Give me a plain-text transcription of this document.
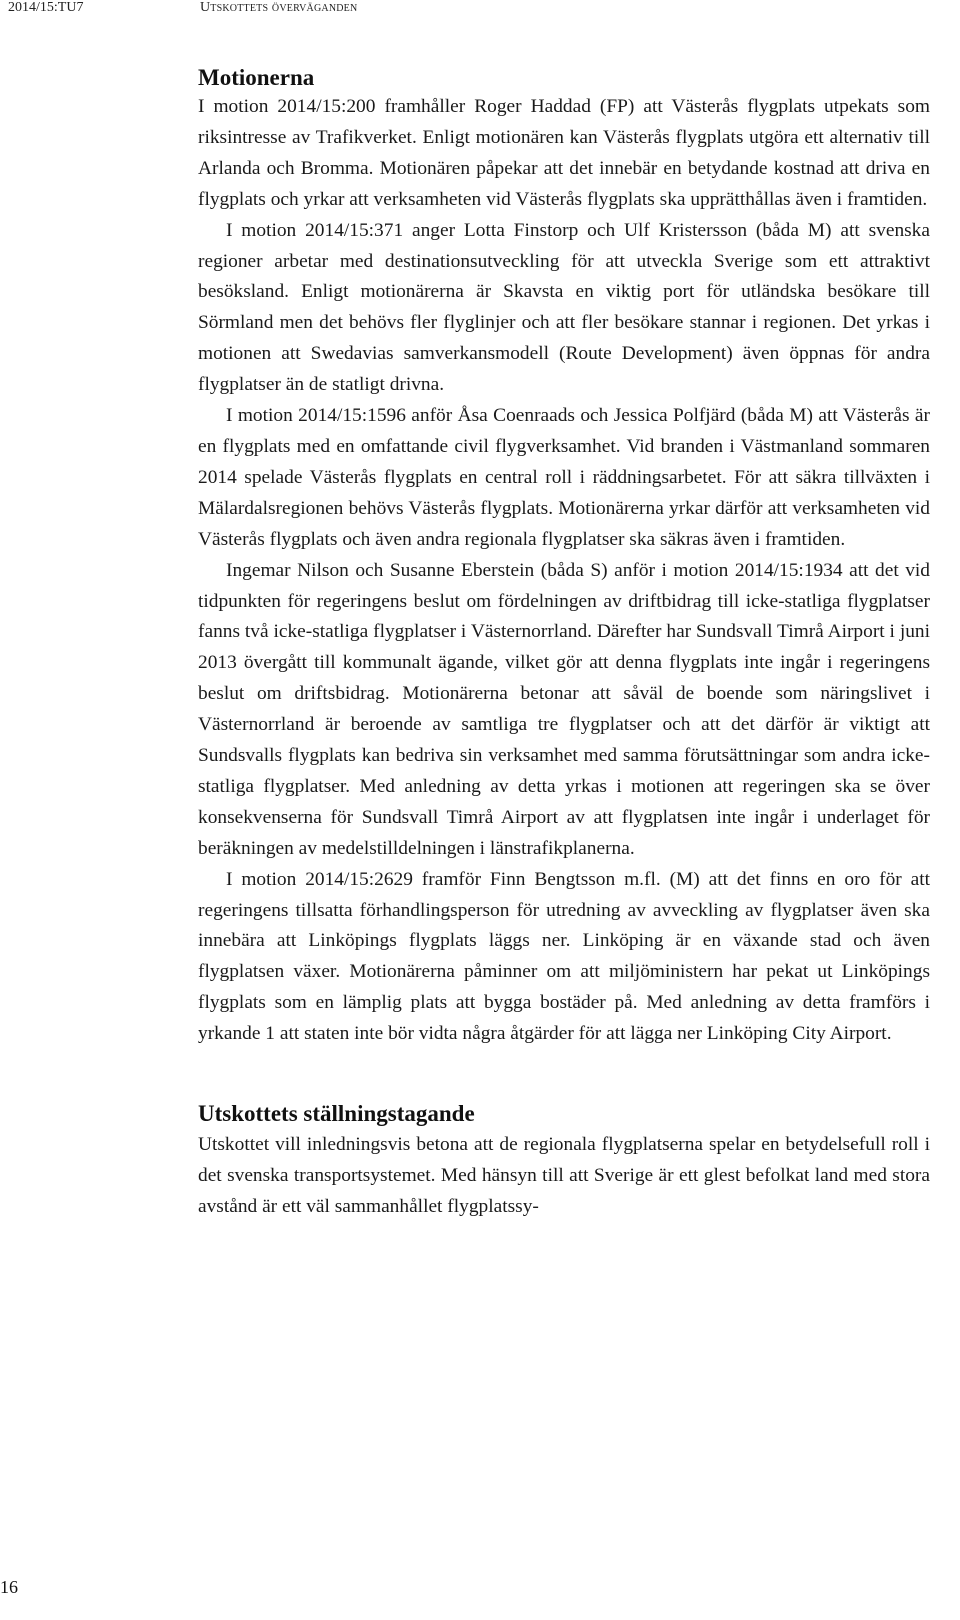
2014/15:TU7	Utskottets överväganden
Motionerna

I motion 2014/15:200 framhåller Roger Haddad (FP) att Västerås flygplats utpekats som riksintresse av Trafikverket. Enligt motionären kan Västerås flygplats utgöra ett alternativ till Arlanda och Bromma. Motionären påpekar att det innebär en betydande kostnad att driva en flygplats och yrkar att verksamheten vid Västerås flygplats ska upprätthållas även i framtiden.

I motion 2014/15:371 anger Lotta Finstorp och Ulf Kristersson (båda M) att svenska regioner arbetar med destinationsutveckling för att utveckla Sverige som ett attraktivt besöksland. Enligt motionärerna är Skavsta en viktig port för utländska besökare till Sörmland men det behövs fler flyglinjer och att fler besökare stannar i regionen. Det yrkas i motionen att Swedavias samverkansmodell (Route Development) även öppnas för andra flygplatser än de statligt drivna.

I motion 2014/15:1596 anför Åsa Coenraads och Jessica Polfjärd (båda M) att Västerås är en flygplats med en omfattande civil flygverksamhet. Vid branden i Västmanland sommaren 2014 spelade Västerås flygplats en central roll i räddningsarbetet. För att säkra tillväxten i Mälardalsregionen behövs Västerås flygplats. Motionärerna yrkar därför att verksamheten vid Västerås flygplats och även andra regionala flygplatser ska säkras även i framtiden.

Ingemar Nilson och Susanne Eberstein (båda S) anför i motion 2014/15:1934 att det vid tidpunkten för regeringens beslut om fördelningen av driftbidrag till icke-statliga flygplatser fanns två icke-statliga flygplatser i Västernorrland. Därefter har Sundsvall Timrå Airport i juni 2013 övergått till kommunalt ägande, vilket gör att denna flygplats inte ingår i regeringens beslut om driftsbidrag. Motionärerna betonar att såväl de boende som näringslivet i Västernorrland är beroende av samtliga tre flygplatser och att det därför är viktigt att Sundsvalls flygplats kan bedriva sin verksamhet med samma förutsättningar som andra icke-statliga flygplatser. Med anledning av detta yrkas i motionen att regeringen ska se över konsekvenserna för Sundsvall Timrå Airport av att flygplatsen inte ingår i underlaget för beräkningen av medelstilldelningen i länstrafikplanerna.

I motion 2014/15:2629 framför Finn Bengtsson m.fl. (M) att det finns en oro för att regeringens tillsatta förhandlingsperson för utredning av avveckling av flygplatser även ska innebära att Linköpings flygplats läggs ner. Linköping är en växande stad och även flygplatsen växer. Motionärerna påminner om att miljöministern har pekat ut Linköpings flygplats som en lämplig plats att bygga bostäder på. Med anledning av detta framförs i yrkande 1 att staten inte bör vidta några åtgärder för att lägga ner Linköping City Airport.

Utskottets ställningstagande

Utskottet vill inledningsvis betona att de regionala flygplatserna spelar en betydelsefull roll i det svenska transportsystemet. Med hänsyn till att Sverige är ett glest befolkat land med stora avstånd är ett väl sammanhållet flygplatssy-

16
